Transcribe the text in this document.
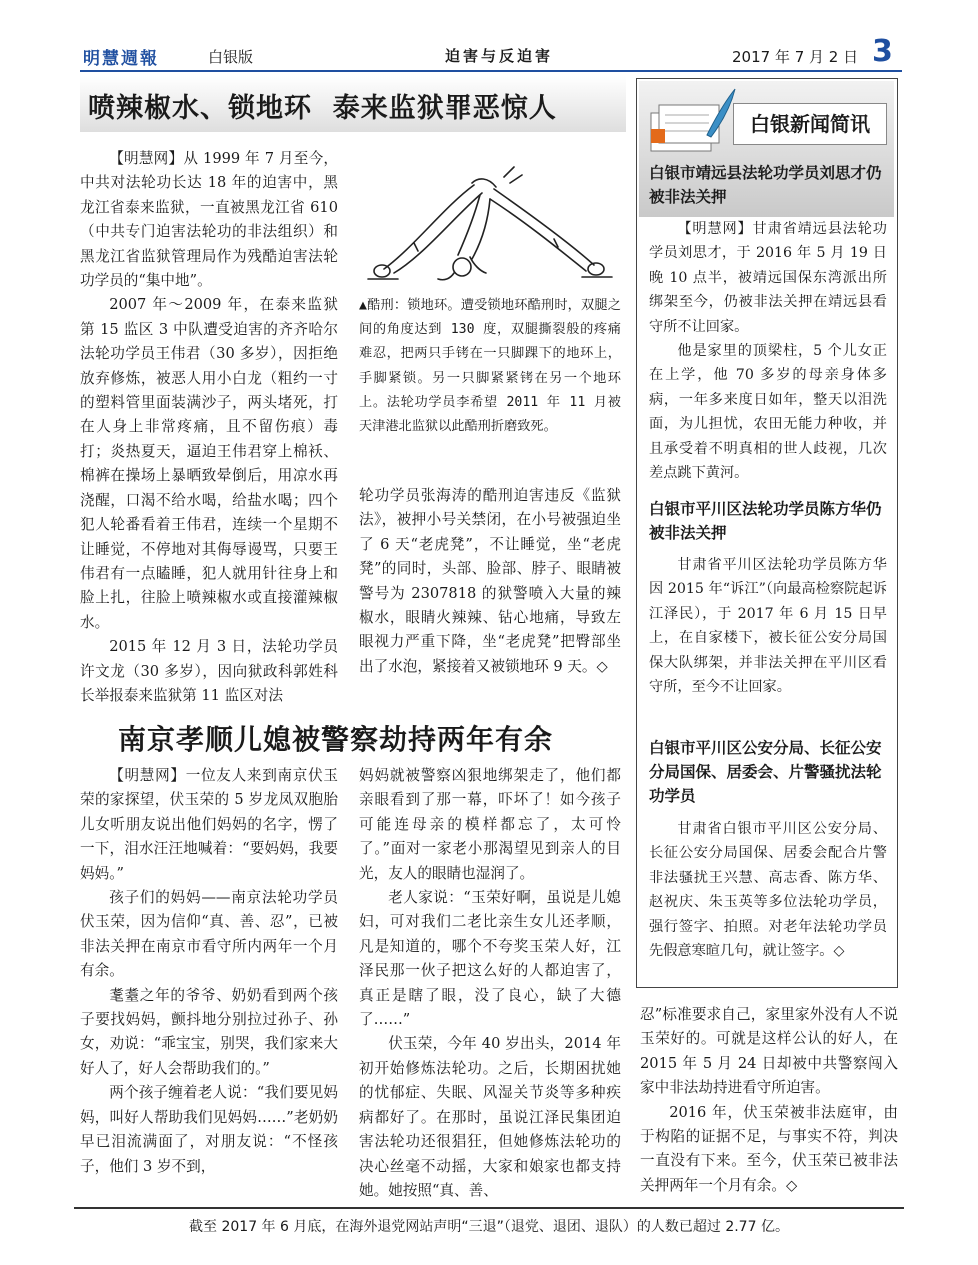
明慧週報	白银版	迫害与反迫害	2017 年 7 月 2 日 3
喷辣椒水、锁地环  泰来监狱罪恶惊人

【明慧网】从 1999 年 7 月至今，中共对法轮功长达 18 年的迫害中，黑龙江省泰来监狱，一直被黑龙江省 610（中共专门迫害法轮功的非法组织）和黑龙江省监狱管理局作为残酷迫害法轮功学员的“集中地”。

2007 年～2009 年，在泰来监狱第 15 监区 3 中队遭受迫害的齐齐哈尔法轮功学员王伟君（30 多岁），因拒绝放弃修炼，被恶人用小白龙（粗约一寸的塑料管里面装满沙子，两头堵死，打在人身上非常疼痛，且不留伤痕）毒打；炎热夏天，逼迫王伟君穿上棉袄、棉裤在操场上暴晒致晕倒后，用凉水再浇醒，口渴不给水喝，给盐水喝；四个犯人轮番看着王伟君，连续一个星期不让睡觉，不停地对其侮辱谩骂，只要王伟君有一点瞌睡，犯人就用针往身上和脸上扎，往脸上喷辣椒水或直接灌辣椒水。

2015 年 12 月 3 日，法轮功学员许文龙（30 多岁），因向狱政科郭姓科长举报泰来监狱第 11 监区对法

▲酷刑：锁地环。遭受锁地环酷刑时，双腿之间的角度达到 130 度，双腿撕裂般的疼痛难忍，把两只手铐在一只脚踝下的地环上，手脚紧锁。另一只脚紧紧铐在另一个地环上。法轮功学员李希望 2011 年 11 月被天津港北监狱以此酷刑折磨致死。

轮功学员张海涛的酷刑迫害违反《监狱法》，被押小号关禁闭，在小号被强迫坐了 6 天“老虎凳”，不让睡觉，坐“老虎凳”的同时，头部、脸部、脖子、眼睛被警号为 2307818 的狱警喷入大量的辣椒水，眼睛火辣辣、钻心地痛，导致左眼视力严重下降，坐“老虎凳”把臀部坐出了水泡，紧接着又被锁地环 9 天。◇

南京孝顺儿媳被警察劫持两年有余

【明慧网】一位友人来到南京伏玉荣的家探望，伏玉荣的 5 岁龙凤双胞胎儿女听朋友说出他们妈妈的名字，愣了一下，泪水汪汪地喊着：“要妈妈，我要妈妈。”

孩子们的妈妈——南京法轮功学员伏玉荣，因为信仰“真、善、忍”，已被非法关押在南京市看守所内两年一个月有余。

耄耋之年的爷爷、奶奶看到两个孩子要找妈妈，颤抖地分别拉过孙子、孙女，劝说：“乖宝宝，别哭，我们家来大好人了，好人会帮助我们的。”

两个孩子缠着老人说：“我们要见妈妈，叫好人帮助我们见妈妈……”老奶奶早已泪流满面了，对朋友说：“不怪孩子，他们 3 岁不到，

妈妈就被警察凶狠地绑架走了，他们都亲眼看到了那一幕，吓坏了！如今孩子可能连母亲的模样都忘了，太可怜了。”面对一家老小那渴望见到亲人的目光，友人的眼睛也湿润了。

老人家说：“玉荣好啊，虽说是儿媳妇，可对我们二老比亲生女儿还孝顺，凡是知道的，哪个不夸奖玉荣人好，江泽民那一伙子把这么好的人都迫害了，真正是瞎了眼，没了良心，缺了大德了……”

伏玉荣，今年 40 岁出头，2014 年初开始修炼法轮功。之后，长期困扰她的忧郁症、失眠、风湿关节炎等多种疾病都好了。在那时，虽说江泽民集团迫害法轮功还很猖狂，但她修炼法轮功的决心丝毫不动摇，大家和娘家也都支持她。她按照“真、善、

忍”标准要求自己，家里家外没有人不说玉荣好的。可就是这样公认的好人，在 2015 年 5 月 24 日却被中共警察闯入家中非法劫持进看守所迫害。

2016 年，伏玉荣被非法庭审，由于构陷的证据不足，与事实不符，判决一直没有下来。至今，伏玉荣已被非法关押两年一个月有余。◇

白银新闻简讯

白银市靖远县法轮功学员刘思才仍被非法关押

【明慧网】甘肃省靖远县法轮功学员刘思才，于 2016 年 5 月 19 日晚 10 点半，被靖远国保东湾派出所绑架至今，仍被非法关押在靖远县看守所不让回家。

他是家里的顶梁柱，5 个儿女正在上学，他 70 多岁的母亲身体多病，一年多来度日如年，整天以泪洗面，为儿担忧，农田无能力种收，并且承受着不明真相的世人歧视，几次差点跳下黄河。

白银市平川区法轮功学员陈方华仍被非法关押

甘肃省平川区法轮功学员陈方华因 2015 年“诉江”（向最高检察院起诉江泽民），于 2017 年 6 月 15 日早上，在自家楼下，被长征公安分局国保大队绑架，并非法关押在平川区看守所，至今不让回家。

白银市平川区公安分局、长征公安分局国保、居委会、片警骚扰法轮功学员

甘肃省白银市平川区公安分局、长征公安分局国保、居委会配合片警非法骚扰王兴慧、高志香、陈方华、赵祝庆、朱玉英等多位法轮功学员，强行签字、拍照。对老年法轮功学员先假意寒暄几句，就让签字。◇

截至 2017 年 6 月底，在海外退党网站声明“三退”（退党、退团、退队）的人数已超过 2.77 亿。
